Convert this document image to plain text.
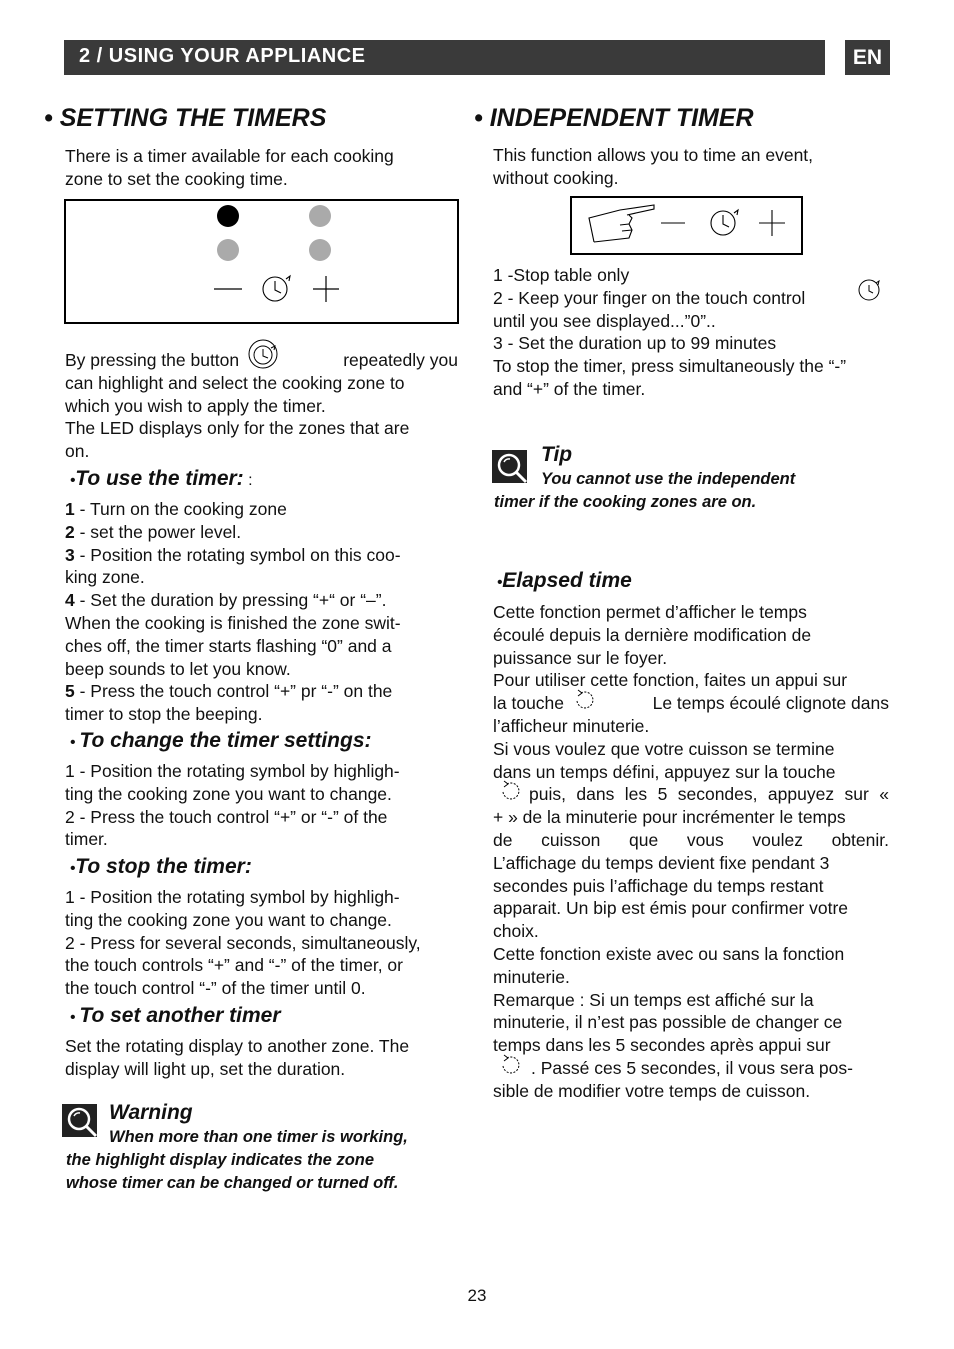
2 / USING YOUR APPLIANCE	EN
• SETTING THE TIMERS
There is a timer available for each cooking
zone to set the cooking time.
By pressing the button	repeatedly you
can highlight and select the cooking zone to
which you wish to apply the timer.
The LED displays only for the zones that are
on.
•To use the timer: :
1 - Turn on the cooking zone
2 - set the power level.
3 - Position the rotating symbol on this coo-
king zone.
4 - Set the duration by pressing “+“ or “–”.
When the cooking is finished the zone swit-
ches off, the timer starts flashing “0” and a
beep sounds to let you know.
5 - Press the touch control “+” pr “-” on the
timer to stop the beeping.
• To change the timer settings:
1 - Position the rotating symbol by highligh-
ting the cooking zone you want to change.
2 - Press the touch control “+” or “-” of the
timer.
•To stop the timer:
1 - Position the rotating symbol by highligh-
ting the cooking zone you want to change.
2 - Press for several seconds, simultaneously,
the touch controls “+” and “-” of the timer, or
the touch control “-” of the timer until 0.
• To set another timer
Set the rotating display to another zone. The
display will light up, set the duration.
Warning
When more than one timer is working,
the highlight display indicates the zone
whose timer can be changed or turned off.
• INDEPENDENT TIMER
This function allows you to time an event,
without cooking.
1 -Stop table only
2 - Keep your finger on the touch control
until you see displayed...”0”..
3 - Set the duration up to 99 minutes
To stop the timer, press simultaneously the “-”
and “+” of the timer.
Tip
You cannot use the independent
timer if the cooking zones are on.
•Elapsed time
Cette fonction permet d’afficher le temps
écoulé depuis la dernière modification de
puissance sur le foyer.
Pour utiliser cette fonction, faites un appui sur
la touche	Le temps écoulé clignote dans
l’afficheur minuterie.
Si vous voulez que votre cuisson se termine
dans un temps défini, appuyez sur la touche
puis, dans les 5 secondes, appuyez sur «
+ » de la minuterie pour incrémenter le temps
de cuisson que vous voulez obtenir.
L’affichage du temps devient fixe pendant 3
secondes puis l’affichage du temps restant
apparait. Un bip est émis pour confirmer votre
choix.
Cette fonction existe avec ou sans la fonction
minuterie.
Remarque : Si un temps est affiché sur la
minuterie, il n’est pas possible de changer ce
temps dans les 5 secondes après appui sur
. Passé ces 5 secondes, il vous sera pos-
sible de modifier votre temps de cuisson.
23
